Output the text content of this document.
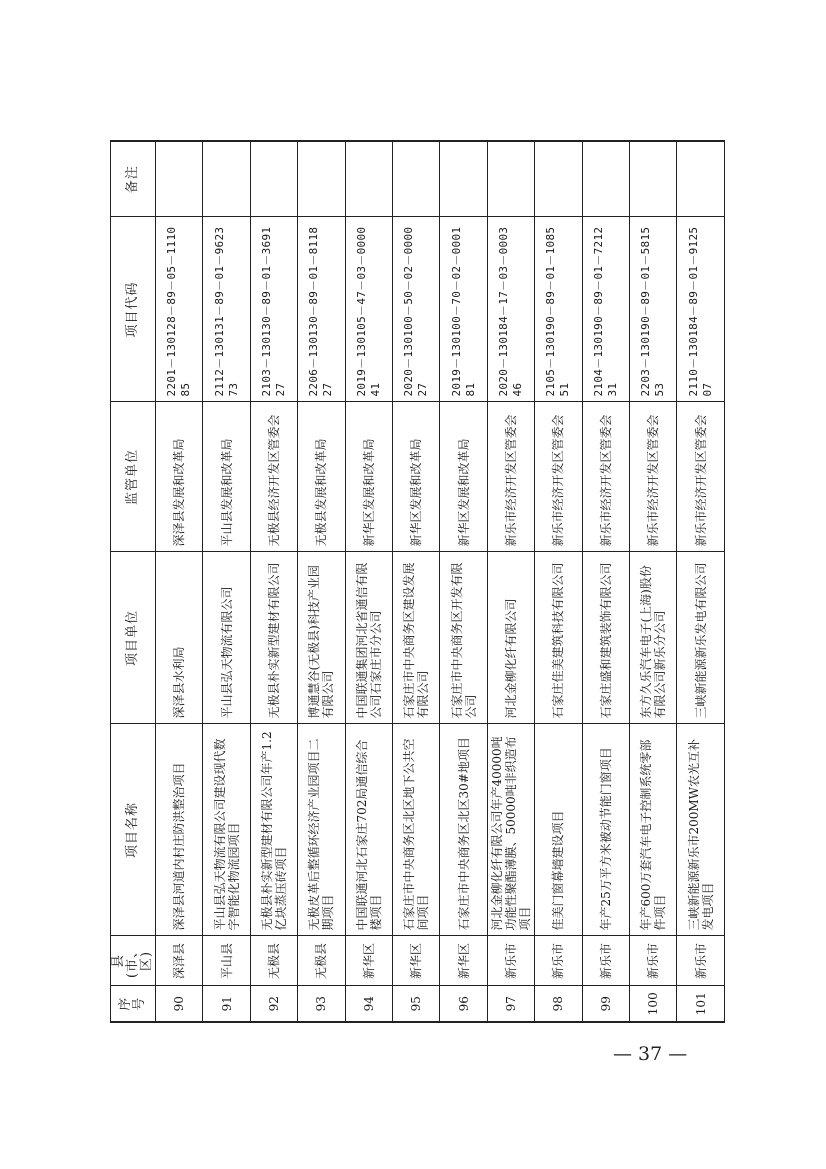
序号	县(市、区)	项目名称	项目单位	监管单位	项目代码	备注
90	深泽县	深泽县河道内村庄防洪整治项目	深泽县水利局	深泽县发展和改革局	2201－130128－89－05－111085	
91	平山县	平山县弘天物流有限公司建设现代数字智能化物流园项目	平山县弘天物流有限公司	平山县发展和改革局	2112－130131－89－01－962373	
92	无极县	无极县朴实新型建材有限公司年产1.2亿块蒸压砖项目	无极县朴实新型建材有限公司	无极县经济开发区管委会	2103－130130－89－01－369127	
93	无极县	无极皮革后整循环经济产业园项目二期项目	博通慧谷(无极县)科技产业园有限公司	无极县发展和改革局	2206－130130－89－01－811827	
94	新华区	中国联通河北石家庄702局通信综合楼项目	中国联通集团河北省通信有限公司石家庄市分公司	新华区发展和改革局	2019－130105－47－03－000041	
95	新华区	石家庄市中央商务区北区地下公共空间项目	石家庄市中央商务区建设发展有限公司	新华区发展和改革局	2020－130100－50－02－000027	
96	新华区	石家庄市中央商务区北区30#地项目	石家庄市中央商务区开发有限公司	新华区发展和改革局	2019－130100－70－02－000181	
97	新乐市	河北金柳化纤有限公司年产40000吨功能性聚酯薄膜、50000吨非织造布项目	河北金柳化纤有限公司	新乐市经济开发区管委会	2020－130184－17－03－000346	
98	新乐市	佳美门窗幕墙建设项目	石家庄佳美建筑科技有限公司	新乐市经济开发区管委会	2105－130190－89－01－108551	
99	新乐市	年产25万平方米被动节能门窗项目	石家庄盛和建筑装饰有限公司	新乐市经济开发区管委会	2104－130190－89－01－721231	
100	新乐市	年产600万套汽车电子控制系统零部件项目	东方久乐汽车电子(上海)股份有限公司新乐分公司	新乐市经济开发区管委会	2203－130190－89－01－581553	
101	新乐市	三峡新能源新乐市200MW农光互补发电项目	三峡新能源新乐发电有限公司	新乐市经济开发区管委会	2110－130184－89－01－912507	
— 37 —
